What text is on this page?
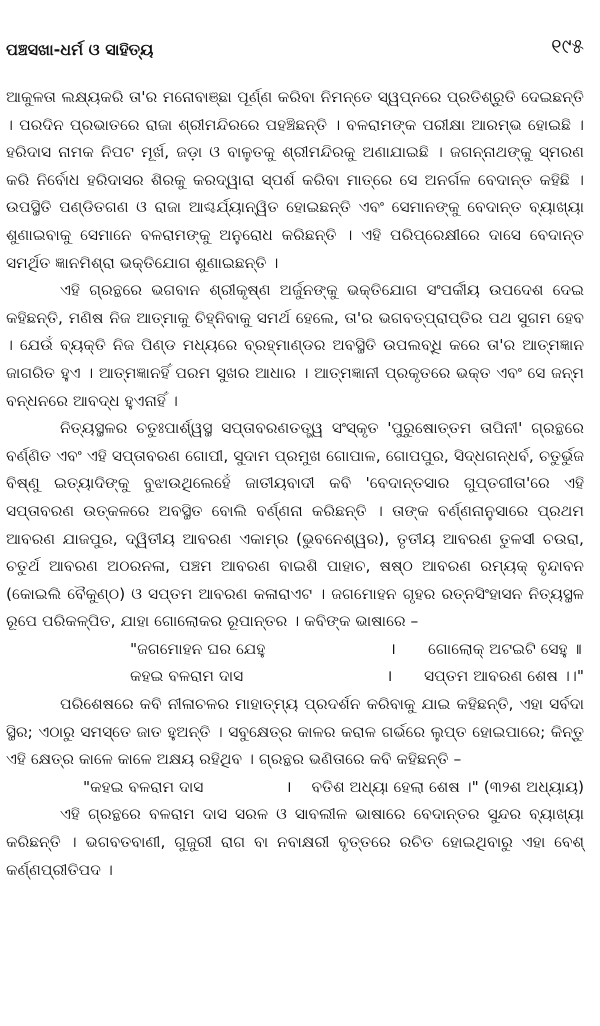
ପଞ୍ଚସଖା-ଧର୍ମ ଓ ସାହିତ୍ୟ	୧୯୫

ଆକୁଳତା ଲକ୍ଷ୍ୟକରି ତା'ର ମନୋବାଞ୍ଛା ପୂର୍ଣ୍ଣ କରିବା ନିମନ୍ତେ ସ୍ୱପ୍ନରେ ପ୍ରତିଶ୍ରୁତି ଦେଇଛନ୍ତି । ପରଦିନ ପ୍ରଭାତରେ ରାଜା ଶ୍ରୀମନ୍ଦିରରେ ପହଞ୍ଚିଛନ୍ତି । ବଳରାମଙ୍କ ପରୀକ୍ଷା ଆରମ୍ଭ ହୋଇଛି । ହରିଦାସ ନାମକ ନିପଟ ମୂର୍ଖ, ଜଡ଼ା ଓ ବାଳୁତକୁ ଶ୍ରୀମନ୍ଦିରକୁ ଅଣାଯାଇଛି । ଜଗନ୍ନାଥଙ୍କୁ ସ୍ମରଣ କରି ନିର୍ବୋଧ ହରିଦାସର ଶିରକୁ କରଦ୍ୱାରା ସ୍ପର୍ଶ କରିବା ମାତ୍ରେ ସେ ଅନର୍ଗଳ ବେଦାନ୍ତ କହିଛି । ଉପସ୍ଥିତି ପଣ୍ଡିତଗଣ ଓ ରାଜା ଆଶ୍ଚର୍ଯ୍ୟାନ୍ୱିତ ହୋଇଛନ୍ତି ଏବଂ ସେମାନଙ୍କୁ ବେଦାନ୍ତ ବ୍ୟାଖ୍ୟା ଶୁଣାଇବାକୁ ସେମାନେ ବଳରାମଙ୍କୁ ଅନୁରୋଧ କରିଛନ୍ତି । ଏହି ପରିପ୍ରେକ୍ଷୀରେ ଦାସେ ବେଦାନ୍ତ ସମର୍ଥିତ ଜ୍ଞାନମିଶ୍ରା ଭକ୍ତିଯୋଗ ଶୁଣାଇଛନ୍ତି ।

ଏହି ଗ୍ରନ୍ଥରେ ଭଗବାନ ଶ୍ରୀକୃଷ୍ଣ ଅର୍ଜୁନଙ୍କୁ ଭକ୍ତିଯୋଗ ସଂପର୍କୀୟ ଉପଦେଶ ଦେଇ କହିଛନ୍ତି, ମଣିଷ ନିଜ ଆତ୍ମାକୁ ଚିହ୍ନିବାକୁ ସମର୍ଥ ହେଲେ, ତା'ର ଭଗବତ୍‌ପ୍ରାପ୍ତିର ପଥ ସୁଗମ ହେବ । ଯେଉଁ ବ୍ୟକ୍ତି ନିଜ ପିଣ୍ଡ ମଧ୍ୟରେ ବ୍ରହ୍ମାଣ୍ଡର ଅବସ୍ଥିତି ଉପଲବ୍ଧି କରେ ତା'ର ଆତ୍ମଜ୍ଞାନ ଜାଗରିତ ହୁଏ । ଆତ୍ମଜ୍ଞାନହିଁ ପରମ ସୁଖର ଆଧାର । ଆତ୍ମଜ୍ଞାନୀ ପ୍ରକୃତରେ ଭକ୍ତ ଏବଂ ସେ ଜନ୍ମ ବନ୍ଧନରେ ଆବଦ୍ଧ ହୁଏନାହିଁ ।

ନିତ୍ୟସ୍ଥଳର ଚତୁଃପାର୍ଶ୍ୱସ୍ଥ ସପ୍ତାବରଣତତ୍ତ୍ୱ ସଂସ୍କୃତ 'ପୁରୁଷୋତ୍ତମ ତାପିନୀ' ଗ୍ରନ୍ଥରେ ବର୍ଣ୍ଣିତ ଏବଂ ଏହି ସପ୍ତାବରଣ ଗୋପୀ, ସୁଦାମ ପ୍ରମୁଖ ଗୋପାଳ, ଗୋପପୁର, ସିଦ୍ଧଗନ୍ଧର୍ବ, ଚତୁର୍ଭୁଜ ବିଷ୍ଣୁ ଇତ୍ୟାଦିଙ୍କୁ ବୁଝାଉଥିଲେହେଁ ଜାତୀୟବାଦୀ କବି 'ବେଦାନ୍ତସାର ଗୁପ୍ତଗୀତା'ରେ ଏହି ସପ୍ତାବରଣ ଉତ୍କଳରେ ଅବସ୍ଥିତ ବୋଲି ବର୍ଣ୍ଣନା କରିଛନ୍ତି । ତାଙ୍କ ବର୍ଣ୍ଣନାନୁସାରେ ପ୍ରଥମ ଆବରଣ ଯାଜପୁର, ଦ୍ୱିତୀୟ ଆବରଣ ଏକାମ୍ର (ଭୁବନେଶ୍ୱର), ତୃତୀୟ ଆବରଣ ତୁଳସୀ ଚଉରା, ଚତୁର୍ଥ ଆବରଣ ଅଠରନଳା, ପଞ୍ଚମ ଆବରଣ ବାଇଶି ପାହାଚ, ଷଷ୍ଠ ଆବରଣ ରମ୍ୟକ୍ ବୃନ୍ଦାବନ (କୋଇଲି ବୈକୁଣ୍ଠ) ଓ ସପ୍ତମ ଆବରଣ କଳାରାଏଟ । ଜଗମୋହନ ଗୃହର ରତ୍ନସିଂହାସନ ନିତ୍ୟସ୍ଥଳ ରୂପେ ପରିକଳ୍ପିତ, ଯାହା ଗୋଲୋକର ରୂପାନ୍ତର । କବିଙ୍କ ଭାଷାରେ –

"ଜଗମୋହନ ଘର ଯେହୁ	।	ଗୋଲୋକ୍ ଅଟଇଟି ସେହୁ ॥
କହଇ ବଳରାମ ଦାସ	।	ସପ୍ତମ ଆବରଣ ଶେଷ ।।"

ପରିଶେଷରେ କବି ନୀଳାଚଳର ମାହାତ୍ମ୍ୟ ପ୍ରଦର୍ଶନ କରିବାକୁ ଯାଇ କହିଛନ୍ତି, ଏହା ସର୍ବଦା ସ୍ଥିର; ଏଠାରୁ ସମସ୍ତେ ଜାତ ହୁଅନ୍ତି । ସବୁକ୍ଷେତ୍ର କାଳର କରାଳ ଗର୍ଭରେ ଲୁପ୍ତ ହୋଇପାରେ; କିନ୍ତୁ ଏହି କ୍ଷେତ୍ର କାଳେ କାଳେ ଅକ୍ଷୟ ରହିଥିବ । ଗ୍ରନ୍ଥର ଭଣିତାରେ କବି କହିଛନ୍ତି –

"କହଇ ବଳରାମ ଦାସ	।	ବତିଶ ଅଧ୍ୟା ହେଲା ଶେଷ ।" (୩୨ଶ ଅଧ୍ୟାୟ)

ଏହି ଗ୍ରନ୍ଥରେ ବଳରାମ ଦାସ ସରଳ ଓ ସାବଲୀଳ ଭାଷାରେ ବେଦାନ୍ତର ସୁନ୍ଦର ବ୍ୟାଖ୍ୟା କରିଛନ୍ତି । ଭଗବତବାଣୀ, ଗୁଜୁରୀ ରାଗ ବା ନବାକ୍ଷରୀ ବୃତ୍ତରେ ରଚିତ ହୋଇଥିବାରୁ ଏହା ବେଶ୍ କର୍ଣ୍ଣପ୍ରୀତିପଦ ।
